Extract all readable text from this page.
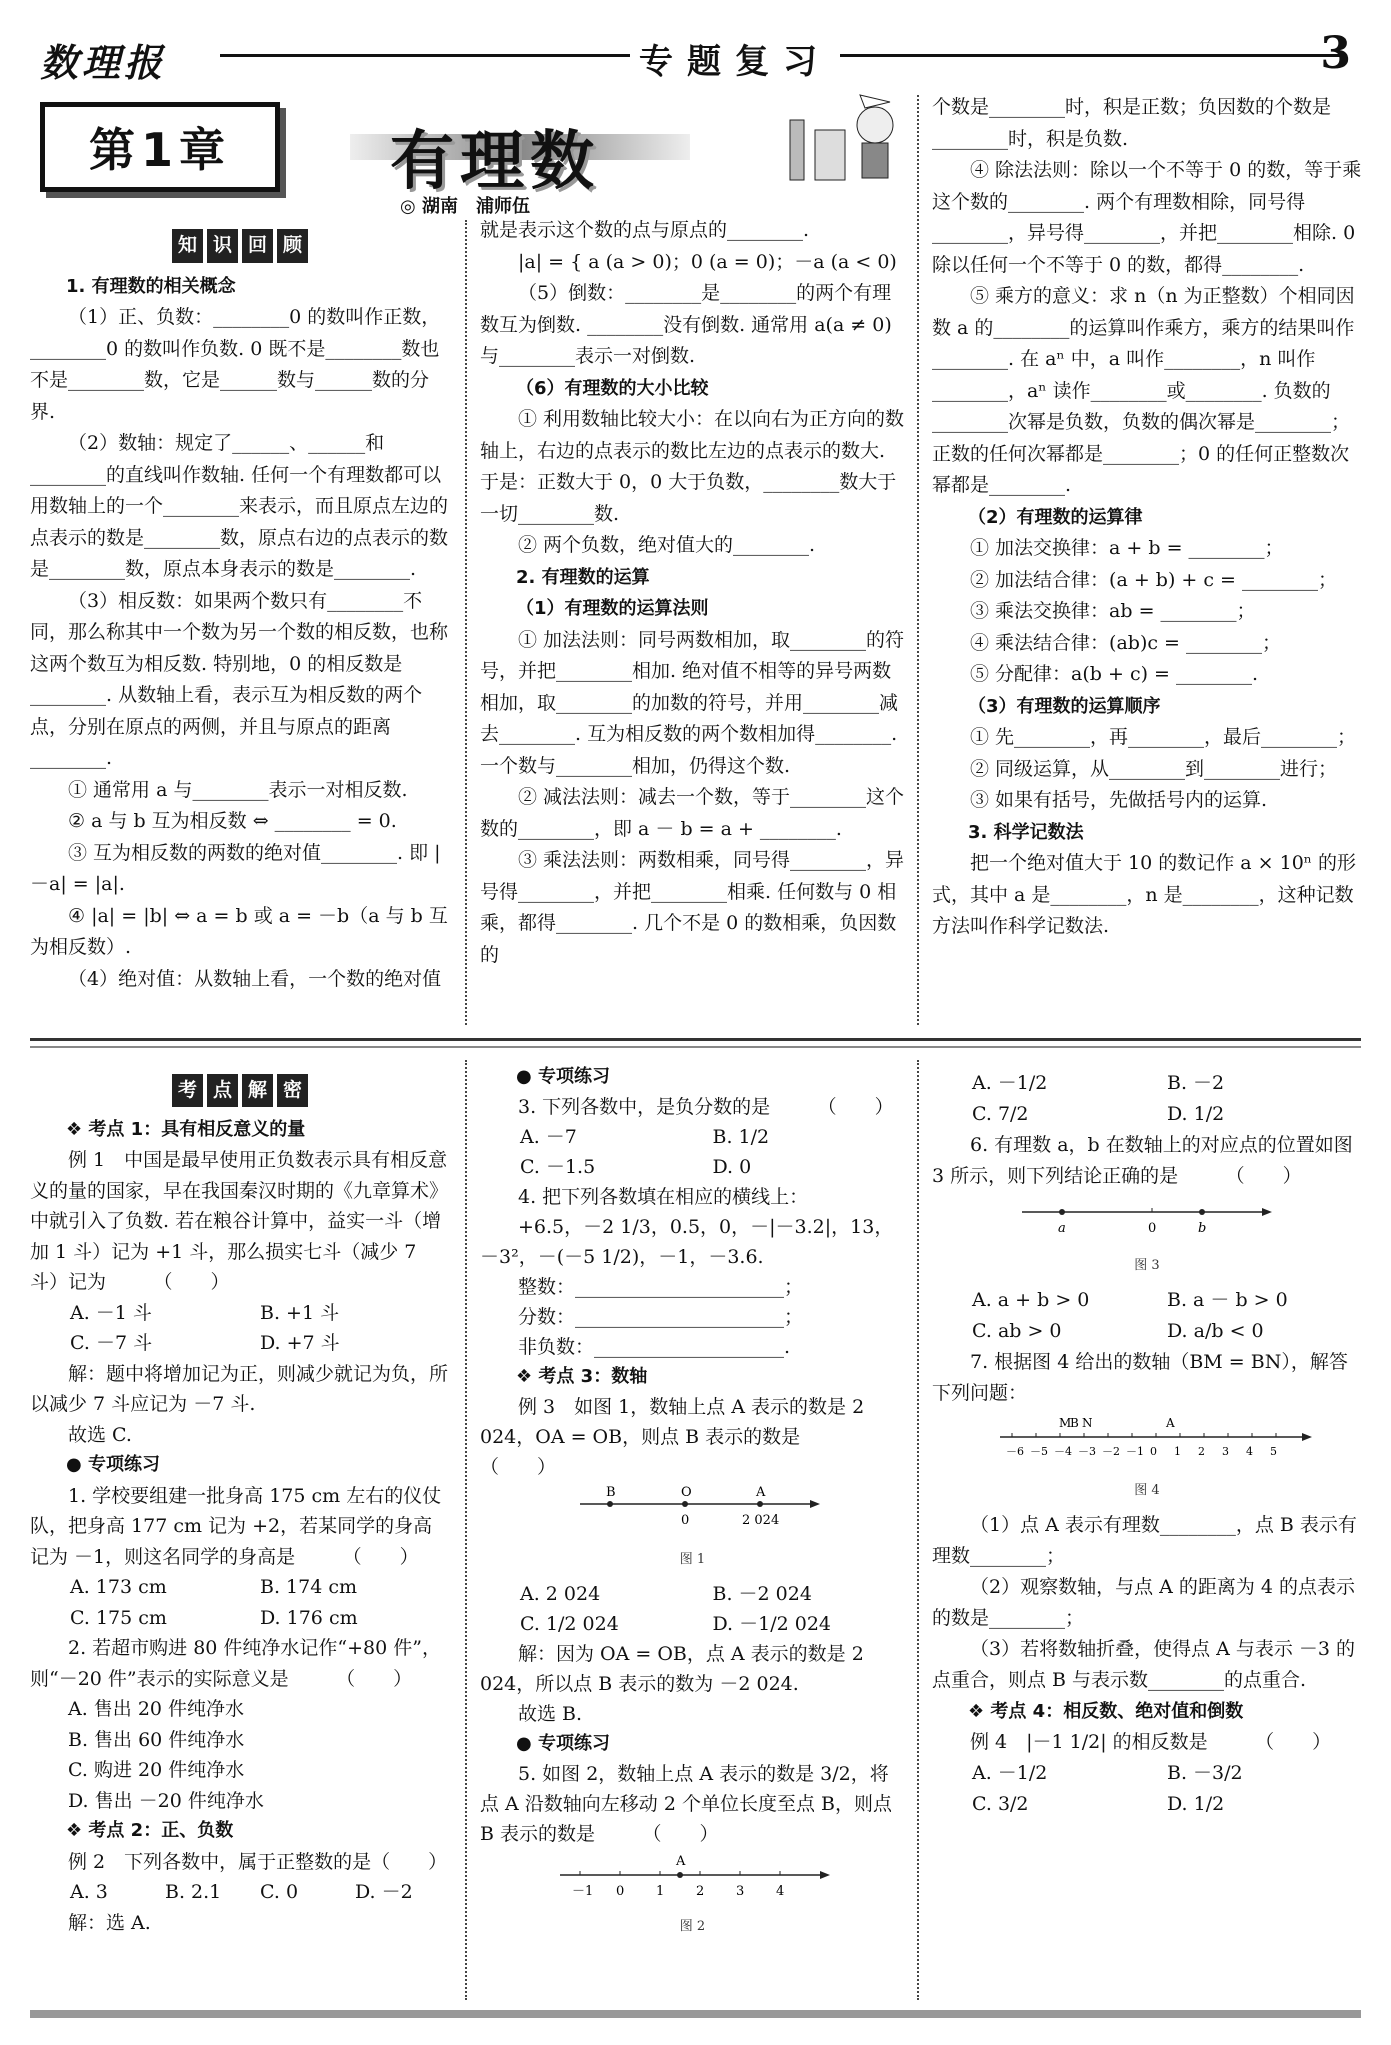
数理报	专题复习	3
第1章	有理数
◎ 湖南　浦师伍
知 识 回 顾

1. 有理数的相关概念

（1）正、负数：________0 的数叫作正数，________0 的数叫作负数. 0 既不是________数也不是________数，它是______数与______数的分界.

（2）数轴：规定了______、______和________的直线叫作数轴. 任何一个有理数都可以用数轴上的一个________来表示，而且原点左边的点表示的数是________数，原点右边的点表示的数是________数，原点本身表示的数是________.

（3）相反数：如果两个数只有________不同，那么称其中一个数为另一个数的相反数，也称这两个数互为相反数. 特别地，0 的相反数是________. 从数轴上看，表示互为相反数的两个点，分别在原点的两侧，并且与原点的距离________.

① 通常用 a 与________表示一对相反数.

② a 与 b 互为相反数 ⇔ ________ = 0.

③ 互为相反数的两数的绝对值________. 即 |－a| = |a|.

④ |a| = |b| ⇔ a = b 或 a = －b（a 与 b 互为相反数）.

（4）绝对值：从数轴上看，一个数的绝对值

就是表示这个数的点与原点的________.

|a| = { a (a > 0)；0 (a = 0)；－a (a < 0)

（5）倒数：________是________的两个有理数互为倒数. ________没有倒数. 通常用 a(a ≠ 0) 与________表示一对倒数.

（6）有理数的大小比较

① 利用数轴比较大小：在以向右为正方向的数轴上，右边的点表示的数比左边的点表示的数大. 于是：正数大于 0，0 大于负数，________数大于一切________数.

② 两个负数，绝对值大的________.

2. 有理数的运算

（1）有理数的运算法则

① 加法法则：同号两数相加，取________的符号，并把________相加. 绝对值不相等的异号两数相加，取________的加数的符号，并用________减去________. 互为相反数的两个数相加得________. 一个数与________相加，仍得这个数.

② 减法法则：减去一个数，等于________这个数的________，即 a － b = a + ________.

③ 乘法法则：两数相乘，同号得________，异号得________，并把________相乘. 任何数与 0 相乘，都得________. 几个不是 0 的数相乘，负因数的

个数是________时，积是正数；负因数的个数是________时，积是负数.

④ 除法法则：除以一个不等于 0 的数，等于乘这个数的________. 两个有理数相除，同号得________，异号得________，并把________相除. 0 除以任何一个不等于 0 的数，都得________.

⑤ 乘方的意义：求 n（n 为正整数）个相同因数 a 的________的运算叫作乘方，乘方的结果叫作________. 在 aⁿ 中，a 叫作________，n 叫作________，aⁿ 读作________或________. 负数的________次幂是负数，负数的偶次幂是________；正数的任何次幂都是________；0 的任何正整数次幂都是________.

（2）有理数的运算律

① 加法交换律：a + b = ________；

② 加法结合律：(a + b) + c = ________；

③ 乘法交换律：ab = ________；

④ 乘法结合律：(ab)c = ________；

⑤ 分配律：a(b + c) = ________.

（3）有理数的运算顺序

① 先________，再________，最后________；

② 同级运算，从________到________进行；

③ 如果有括号，先做括号内的运算.

3. 科学记数法

把一个绝对值大于 10 的数记作 a × 10ⁿ 的形式，其中 a 是________，n 是________，这种记数方法叫作科学记数法.

考 点 解 密

❖ 考点 1：具有相反意义的量

例 1　中国是最早使用正负数表示具有相反意义的量的国家，早在我国秦汉时期的《九章算术》中就引入了负数. 若在粮谷计算中，益实一斗（增加 1 斗）记为 +1 斗，那么损实七斗（减少 7 斗）记为　　　（　　）

A. －1 斗	B. +1 斗
C. －7 斗	D. +7 斗

解：题中将增加记为正，则减少就记为负，所以减少 7 斗应记为 －7 斗.

故选 C.

● 专项练习

1. 学校要组建一批身高 175 cm 左右的仪仗队，把身高 177 cm 记为 +2，若某同学的身高记为 －1，则这名同学的身高是　　　（　　）

A. 173 cm	B. 174 cm
C. 175 cm	D. 176 cm

2. 若超市购进 80 件纯净水记作“+80 件”，则“－20 件”表示的实际意义是　　　（　　）

A. 售出 20 件纯净水

B. 售出 60 件纯净水

C. 购进 20 件纯净水

D. 售出 －20 件纯净水

❖ 考点 2：正、负数

例 2　下列各数中，属于正整数的是（　　）

A. 3	B. 2.1	C. 0	D. －2

解：选 A.

● 专项练习

3. 下列各数中，是负分数的是　　　（　　）

A. －7	B. 1/2
C. －1.5	D. 0

4. 把下列各数填在相应的横线上：

+6.5，－2 1/3，0.5，0，－|－3.2|，13，－3²，－(－5 1/2)，－1，－3.6.

整数：______________________；

分数：______________________；

非负数：____________________.

❖ 考点 3：数轴

例 3　如图 1，数轴上点 A 表示的数是 2 024，OA = OB，则点 B 表示的数是　　　（　　）

B	O	A
0	2 024
图 1
A. 2 024	B. －2 024
C. 1/2 024	D. －1/2 024

解：因为 OA = OB，点 A 表示的数是 2 024，所以点 B 表示的数为 －2 024.

故选 B.

● 专项练习

5. 如图 2，数轴上点 A 表示的数是 3/2，将点 A 沿数轴向左移动 2 个单位长度至点 B，则点 B 表示的数是　　　（　　）

A
－1 0 1 2 3 4
图 2
A. －1/2	B. －2
C. 7/2	D. 1/2

6. 有理数 a，b 在数轴上的对应点的位置如图 3 所示，则下列结论正确的是　　　（　　）

a	0	b
图 3
A. a + b > 0	B. a － b > 0
C. ab > 0	D. a/b < 0

7. 根据图 4 给出的数轴（BM = BN），解答下列问题：

－6 －5 －4 －3 －2 －1 0 1 2 3 4 5
M
B N	A
图 4

（1）点 A 表示有理数________，点 B 表示有理数________；

（2）观察数轴，与点 A 的距离为 4 的点表示的数是________；

（3）若将数轴折叠，使得点 A 与表示 －3 的点重合，则点 B 与表示数________的点重合.

❖ 考点 4：相反数、绝对值和倒数

例 4　|－1 1/2| 的相反数是　　　（　　）

A. －1/2	B. －3/2
C. 3/2	D. 1/2
